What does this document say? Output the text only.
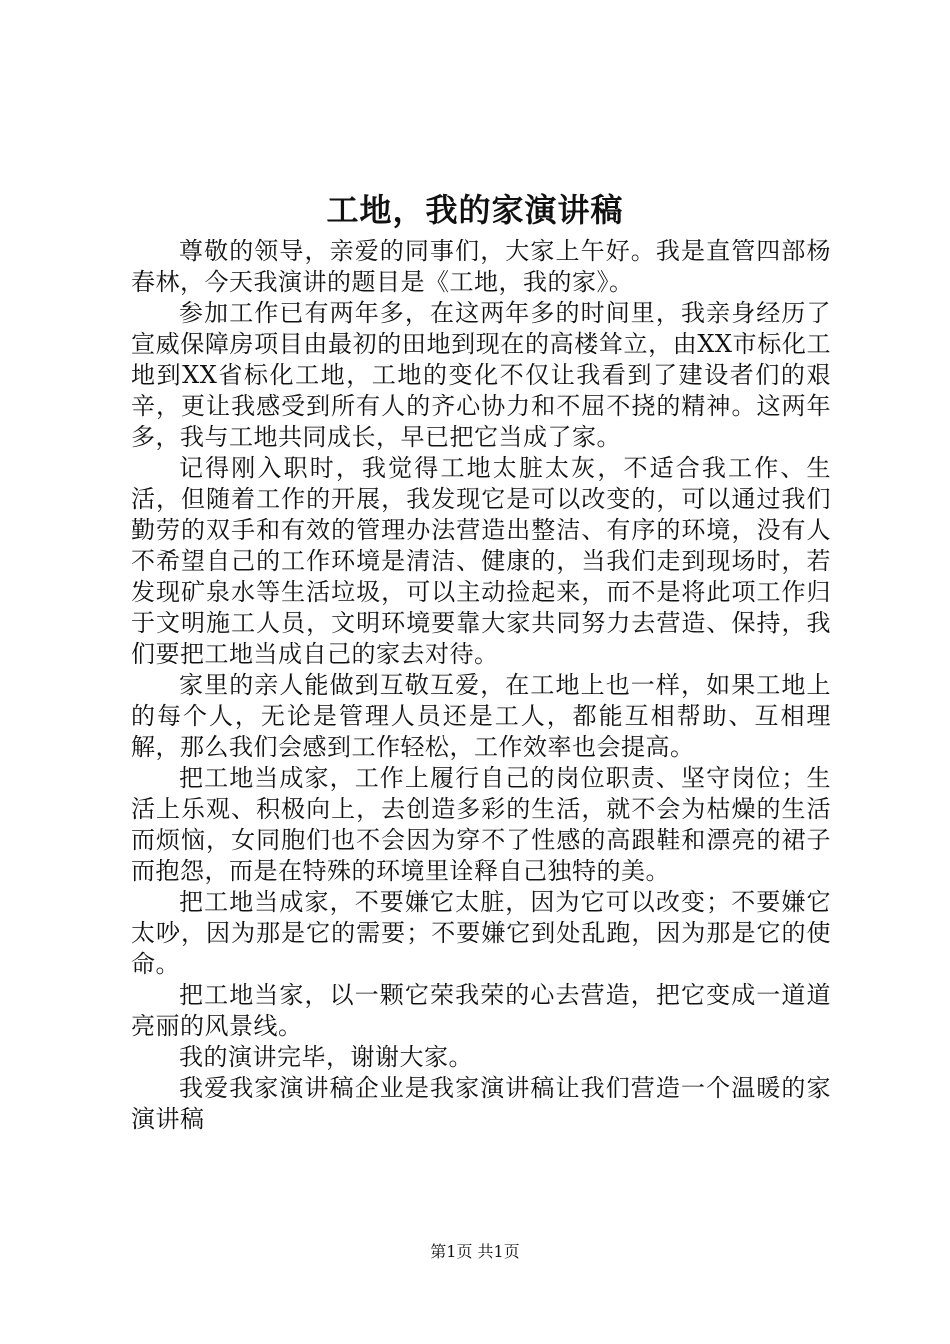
工地，我的家演讲稿

尊敬的领导，亲爱的同事们，大家上午好。我是直管四部杨春林，今天我演讲的题目是《工地，我的家》。

参加工作已有两年多，在这两年多的时间里，我亲身经历了宣威保障房项目由最初的田地到现在的高楼耸立，由XX市标化工地到XX省标化工地，工地的变化不仅让我看到了建设者们的艰辛，更让我感受到所有人的齐心协力和不屈不挠的精神。这两年多，我与工地共同成长，早已把它当成了家。

记得刚入职时，我觉得工地太脏太灰，不适合我工作、生活，但随着工作的开展，我发现它是可以改变的，可以通过我们勤劳的双手和有效的管理办法营造出整洁、有序的环境，没有人不希望自己的工作环境是清洁、健康的，当我们走到现场时，若发现矿泉水等生活垃圾，可以主动捡起来，而不是将此项工作归于文明施工人员，文明环境要靠大家共同努力去营造、保持，我们要把工地当成自己的家去对待。

家里的亲人能做到互敬互爱，在工地上也一样，如果工地上的每个人，无论是管理人员还是工人，都能互相帮助、互相理解，那么我们会感到工作轻松，工作效率也会提高。

把工地当成家，工作上履行自己的岗位职责、坚守岗位；生活上乐观、积极向上，去创造多彩的生活，就不会为枯燥的生活而烦恼，女同胞们也不会因为穿不了性感的高跟鞋和漂亮的裙子而抱怨，而是在特殊的环境里诠释自己独特的美。

把工地当成家，不要嫌它太脏，因为它可以改变；不要嫌它太吵，因为那是它的需要；不要嫌它到处乱跑，因为那是它的使命。

把工地当家，以一颗它荣我荣的心去营造，把它变成一道道亮丽的风景线。

我的演讲完毕，谢谢大家。

我爱我家演讲稿企业是我家演讲稿让我们营造一个温暖的家演讲稿

第1页 共1页
